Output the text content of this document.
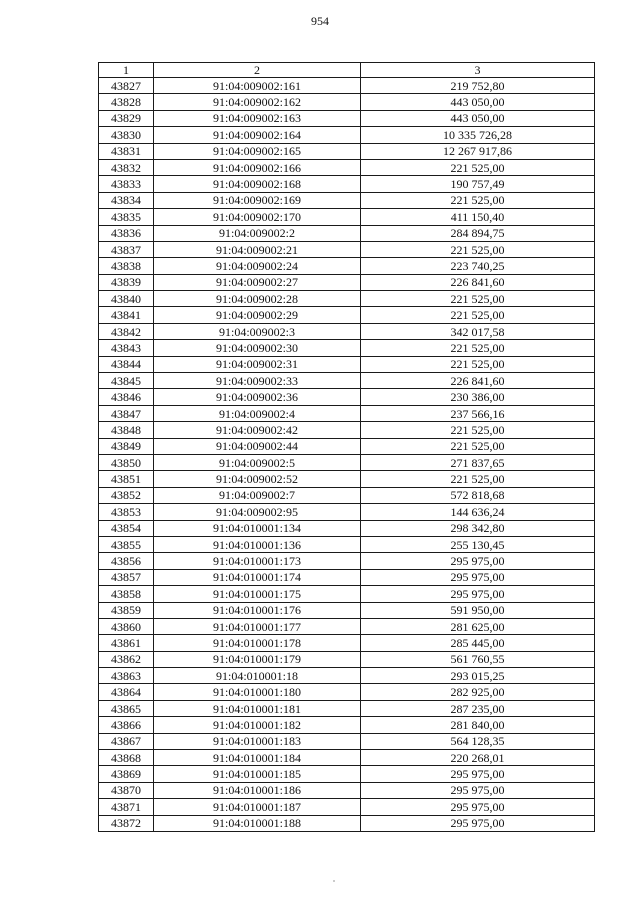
954
1	2	3
43827	91:04:009002:161	219 752,80
43828	91:04:009002:162	443 050,00
43829	91:04:009002:163	443 050,00
43830	91:04:009002:164	10 335 726,28
43831	91:04:009002:165	12 267 917,86
43832	91:04:009002:166	221 525,00
43833	91:04:009002:168	190 757,49
43834	91:04:009002:169	221 525,00
43835	91:04:009002:170	411 150,40
43836	91:04:009002:2	284 894,75
43837	91:04:009002:21	221 525,00
43838	91:04:009002:24	223 740,25
43839	91:04:009002:27	226 841,60
43840	91:04:009002:28	221 525,00
43841	91:04:009002:29	221 525,00
43842	91:04:009002:3	342 017,58
43843	91:04:009002:30	221 525,00
43844	91:04:009002:31	221 525,00
43845	91:04:009002:33	226 841,60
43846	91:04:009002:36	230 386,00
43847	91:04:009002:4	237 566,16
43848	91:04:009002:42	221 525,00
43849	91:04:009002:44	221 525,00
43850	91:04:009002:5	271 837,65
43851	91:04:009002:52	221 525,00
43852	91:04:009002:7	572 818,68
43853	91:04:009002:95	144 636,24
43854	91:04:010001:134	298 342,80
43855	91:04:010001:136	255 130,45
43856	91:04:010001:173	295 975,00
43857	91:04:010001:174	295 975,00
43858	91:04:010001:175	295 975,00
43859	91:04:010001:176	591 950,00
43860	91:04:010001:177	281 625,00
43861	91:04:010001:178	285 445,00
43862	91:04:010001:179	561 760,55
43863	91:04:010001:18	293 015,25
43864	91:04:010001:180	282 925,00
43865	91:04:010001:181	287 235,00
43866	91:04:010001:182	281 840,00
43867	91:04:010001:183	564 128,35
43868	91:04:010001:184	220 268,01
43869	91:04:010001:185	295 975,00
43870	91:04:010001:186	295 975,00
43871	91:04:010001:187	295 975,00
43872	91:04:010001:188	295 975,00
